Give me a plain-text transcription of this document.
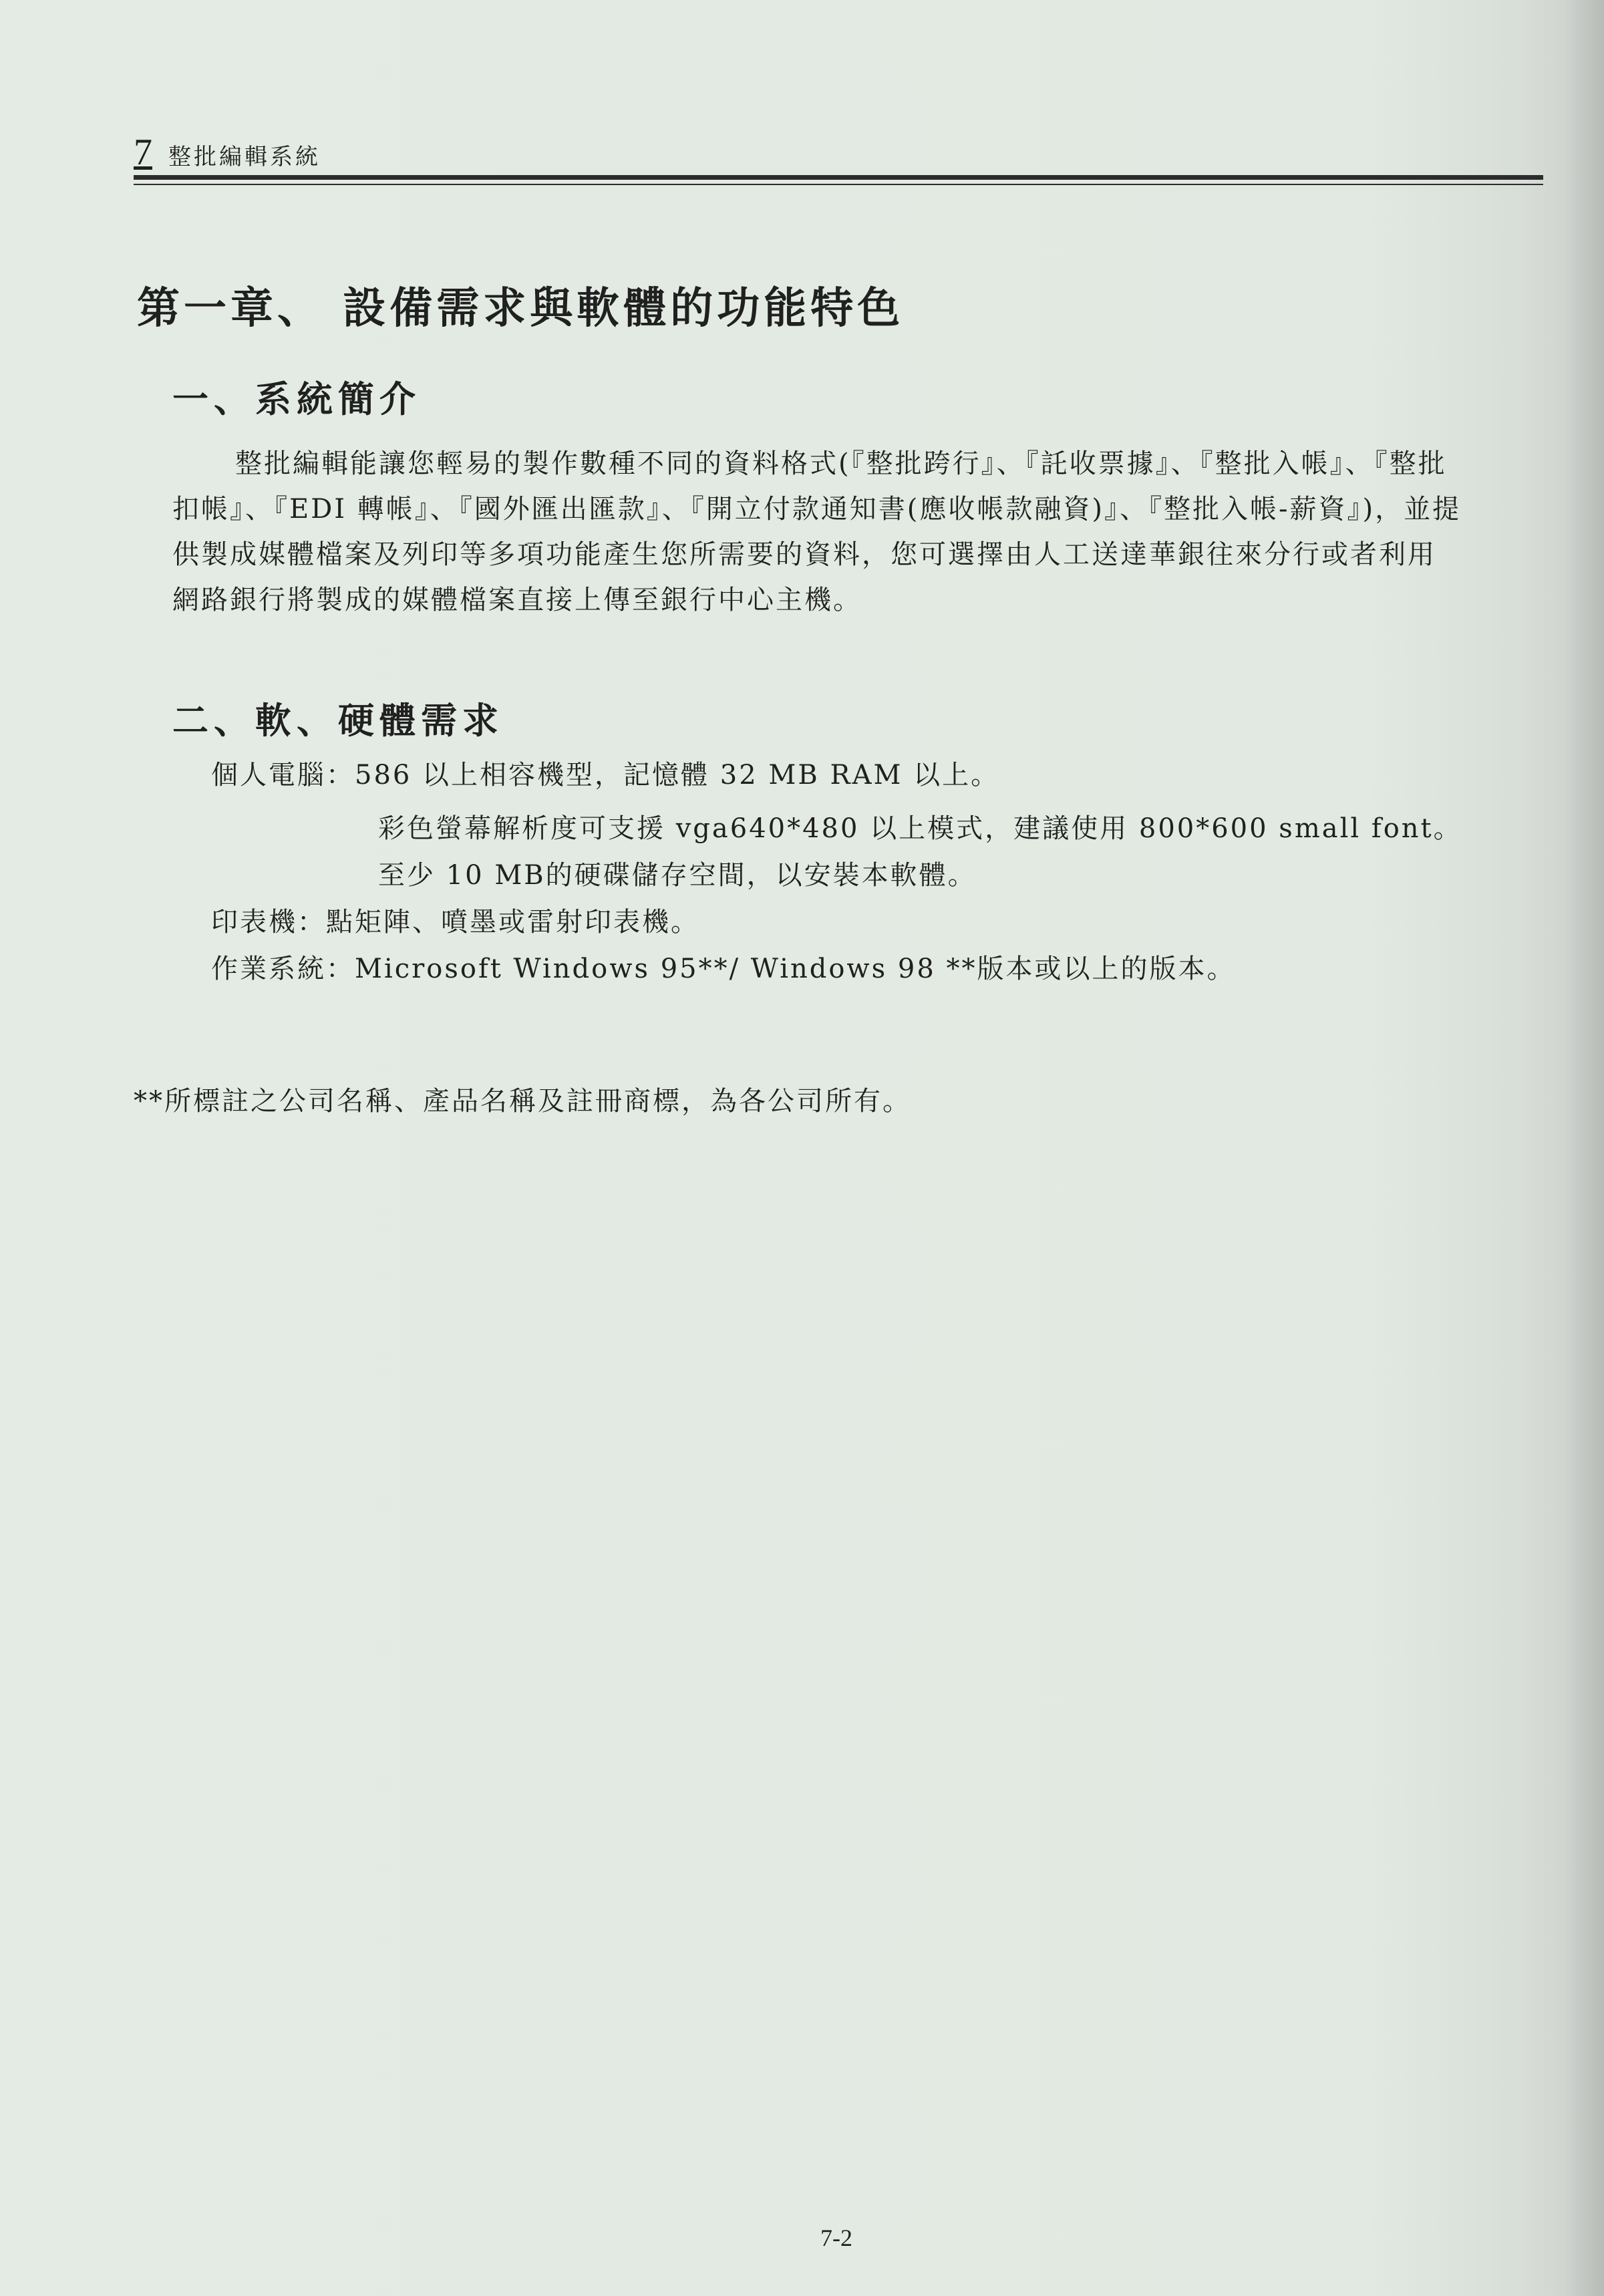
7 整批編輯系統
第一章、 設備需求與軟體的功能特色
一、系統簡介
整批編輯能讓您輕易的製作數種不同的資料格式(『整批跨行』、『託收票據』、『整批入帳』、『整批
扣帳』、『EDI 轉帳』、『國外匯出匯款』、『開立付款通知書(應收帳款融資)』、『整批入帳-薪資』)，並提
供製成媒體檔案及列印等多項功能產生您所需要的資料，您可選擇由人工送達華銀往來分行或者利用
網路銀行將製成的媒體檔案直接上傳至銀行中心主機。
二、軟、硬體需求
個人電腦：586 以上相容機型，記憶體 32 MB RAM 以上。
彩色螢幕解析度可支援 vga640*480 以上模式，建議使用 800*600 small font。
至少 10 MB的硬碟儲存空間，以安裝本軟體。
印表機：點矩陣、噴墨或雷射印表機。
作業系統：Microsoft Windows 95**/ Windows 98 **版本或以上的版本。
**所標註之公司名稱、產品名稱及註冊商標，為各公司所有。
7-2
